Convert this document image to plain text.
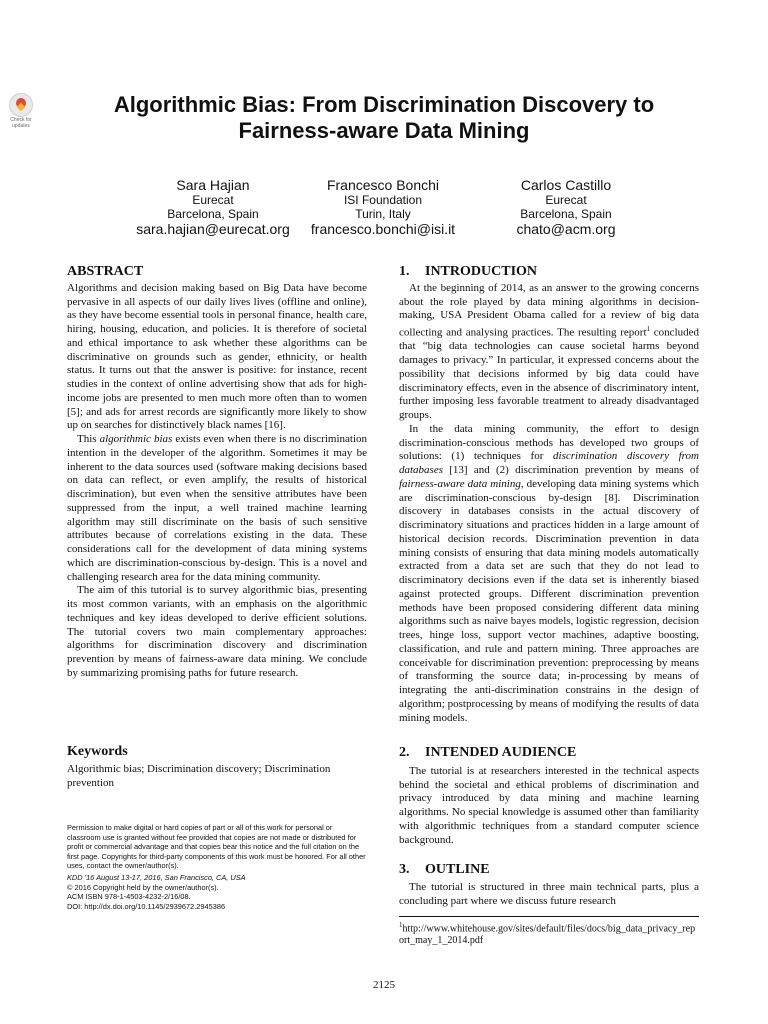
Check for updates
Algorithmic Bias: From Discrimination Discovery to
Fairness-aware Data Mining
Sara Hajian
Eurecat
Barcelona, Spain
sara.hajian@eurecat.org
Francesco Bonchi
ISI Foundation
Turin, Italy
francesco.bonchi@isi.it
Carlos Castillo
Eurecat
Barcelona, Spain
chato@acm.org
ABSTRACT

Algorithms and decision making based on Big Data have become pervasive in all aspects of our daily lives lives (offline and online), as they have become essential tools in personal finance, health care, hiring, housing, education, and policies. It is therefore of societal and ethical importance to ask whether these algorithms can be discriminative on grounds such as gender, ethnicity, or health status. It turns out that the answer is positive: for instance, recent studies in the context of online advertising show that ads for high-income jobs are presented to men much more often than to women [5]; and ads for arrest records are significantly more likely to show up on searches for distinctively black names [16].

This algorithmic bias exists even when there is no discrimination intention in the developer of the algorithm. Sometimes it may be inherent to the data sources used (software making decisions based on data can reflect, or even amplify, the results of historical discrimination), but even when the sensitive attributes have been suppressed from the input, a well trained machine learning algorithm may still discriminate on the basis of such sensitive attributes because of correlations existing in the data. These considerations call for the development of data mining systems which are discrimination-conscious by-design. This is a novel and challenging research area for the data mining community.

The aim of this tutorial is to survey algorithmic bias, presenting its most common variants, with an emphasis on the algorithmic techniques and key ideas developed to derive efficient solutions. The tutorial covers two main complementary approaches: algorithms for discrimination discovery and discrimination prevention by means of fairness-aware data mining. We conclude by summarizing promising paths for future research.

Keywords

Algorithmic bias; Discrimination discovery; Discrimination prevention

Permission to make digital or hard copies of part or all of this work for personal or classroom use is granted without fee provided that copies are not made or distributed for profit or commercial advantage and that copies bear this notice and the full citation on the first page. Copyrights for third-party components of this work must be honored. For all other uses, contact the owner/author(s).

KDD '16 August 13-17, 2016, San Francisco, CA, USA

© 2016 Copyright held by the owner/author(s).

ACM ISBN 978-1-4503-4232-2/16/08.

DOI: http://dx.doi.org/10.1145/2939672.2945386

1. INTRODUCTION

At the beginning of 2014, as an answer to the growing concerns about the role played by data mining algorithms in decision-making, USA President Obama called for a review of big data collecting and analysing practices. The resulting report$^1$ concluded that “big data technologies can cause societal harms beyond damages to privacy.” In particular, it expressed concerns about the possibility that decisions informed by big data could have discriminatory effects, even in the absence of discriminatory intent, further imposing less favorable treatment to already disadvantaged groups.

In the data mining community, the effort to design discrimination-conscious methods has developed two groups of solutions: (1) techniques for discrimination discovery from databases [13] and (2) discrimination prevention by means of fairness-aware data mining, developing data mining systems which are discrimination-conscious by-design [8]. Discrimination discovery in databases consists in the actual discovery of discriminatory situations and practices hidden in a large amount of historical decision records. Discrimination prevention in data mining consists of ensuring that data mining models automatically extracted from a data set are such that they do not lead to discriminatory decisions even if the data set is inherently biased against protected groups. Different discrimination prevention methods have been proposed considering different data mining algorithms such as naive bayes models, logistic regression, decision trees, hinge loss, support vector machines, adaptive boosting, classification, and rule and pattern mining. Three approaches are conceivable for discrimination prevention: preprocessing by means of transforming the source data; in-processing by means of integrating the anti-discrimination constrains in the design of algorithm; postprocessing by means of modifying the results of data mining models.

2. INTENDED AUDIENCE

The tutorial is at researchers interested in the technical aspects behind the societal and ethical problems of discrimination and privacy introduced by data mining and machine learning algorithms. No special knowledge is assumed other than familiarity with algorithmic techniques from a standard computer science background.

3. OUTLINE

The tutorial is structured in three main technical parts, plus a concluding part where we discuss future research

$^1$http://www.whitehouse.gov/sites/default/files/docs/big_data_privacy_report_may_1_2014.pdf
2125
